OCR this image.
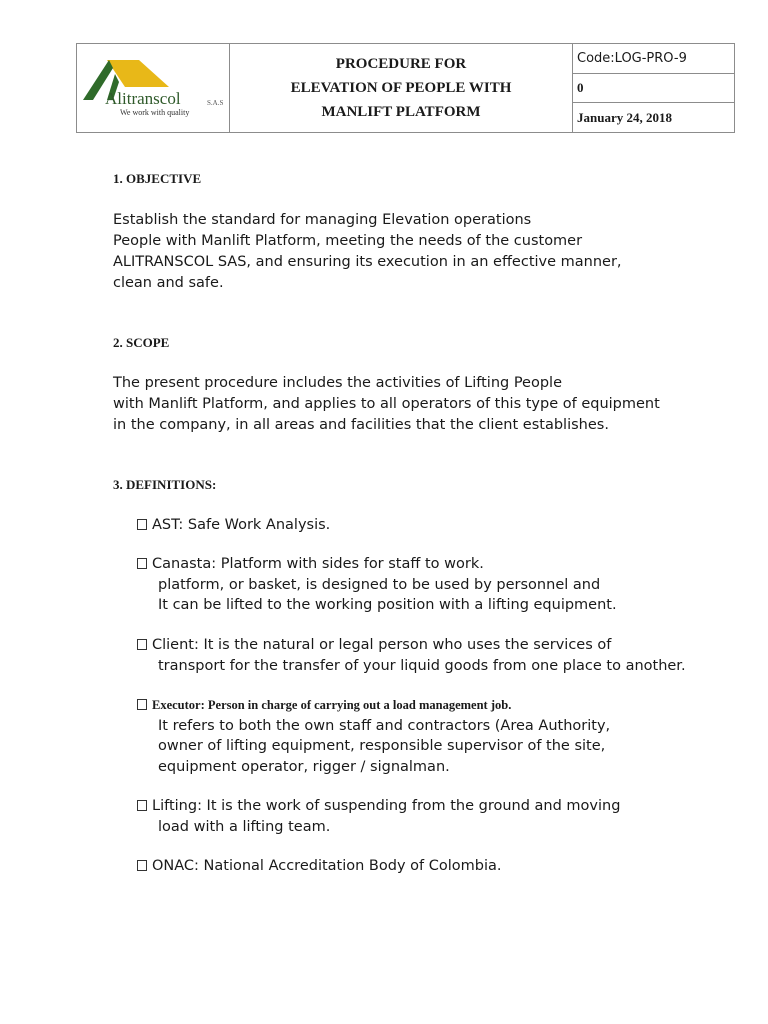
Alitranscol	S.A.S
We work with quality
PROCEDURE FOR
ELEVATION OF PEOPLE WITH
MANLIFT PLATFORM
Code:LOG-PRO-9
0
January 24, 2018
1. OBJECTIVE
Establish the standard for managing Elevation operations
People with Manlift Platform, meeting the needs of the customer
ALITRANSCOL SAS, and ensuring its execution in an effective manner,
clean and safe.
2. SCOPE
The present procedure includes the activities of Lifting People
with Manlift Platform, and applies to all operators of this type of equipment
in the company, in all areas and facilities that the client establishes.
3. DEFINITIONS:
AST: Safe Work Analysis.
Canasta: Platform with sides for staff to work.
platform, or basket, is designed to be used by personnel and
It can be lifted to the working position with a lifting equipment.
Client: It is the natural or legal person who uses the services of
transport for the transfer of your liquid goods from one place to another.
Executor: Person in charge of carrying out a load management job.
It refers to both the own staff and contractors (Area Authority,
owner of lifting equipment, responsible supervisor of the site,
equipment operator, rigger / signalman.
Lifting: It is the work of suspending from the ground and moving
load with a lifting team.
ONAC: National Accreditation Body of Colombia.
